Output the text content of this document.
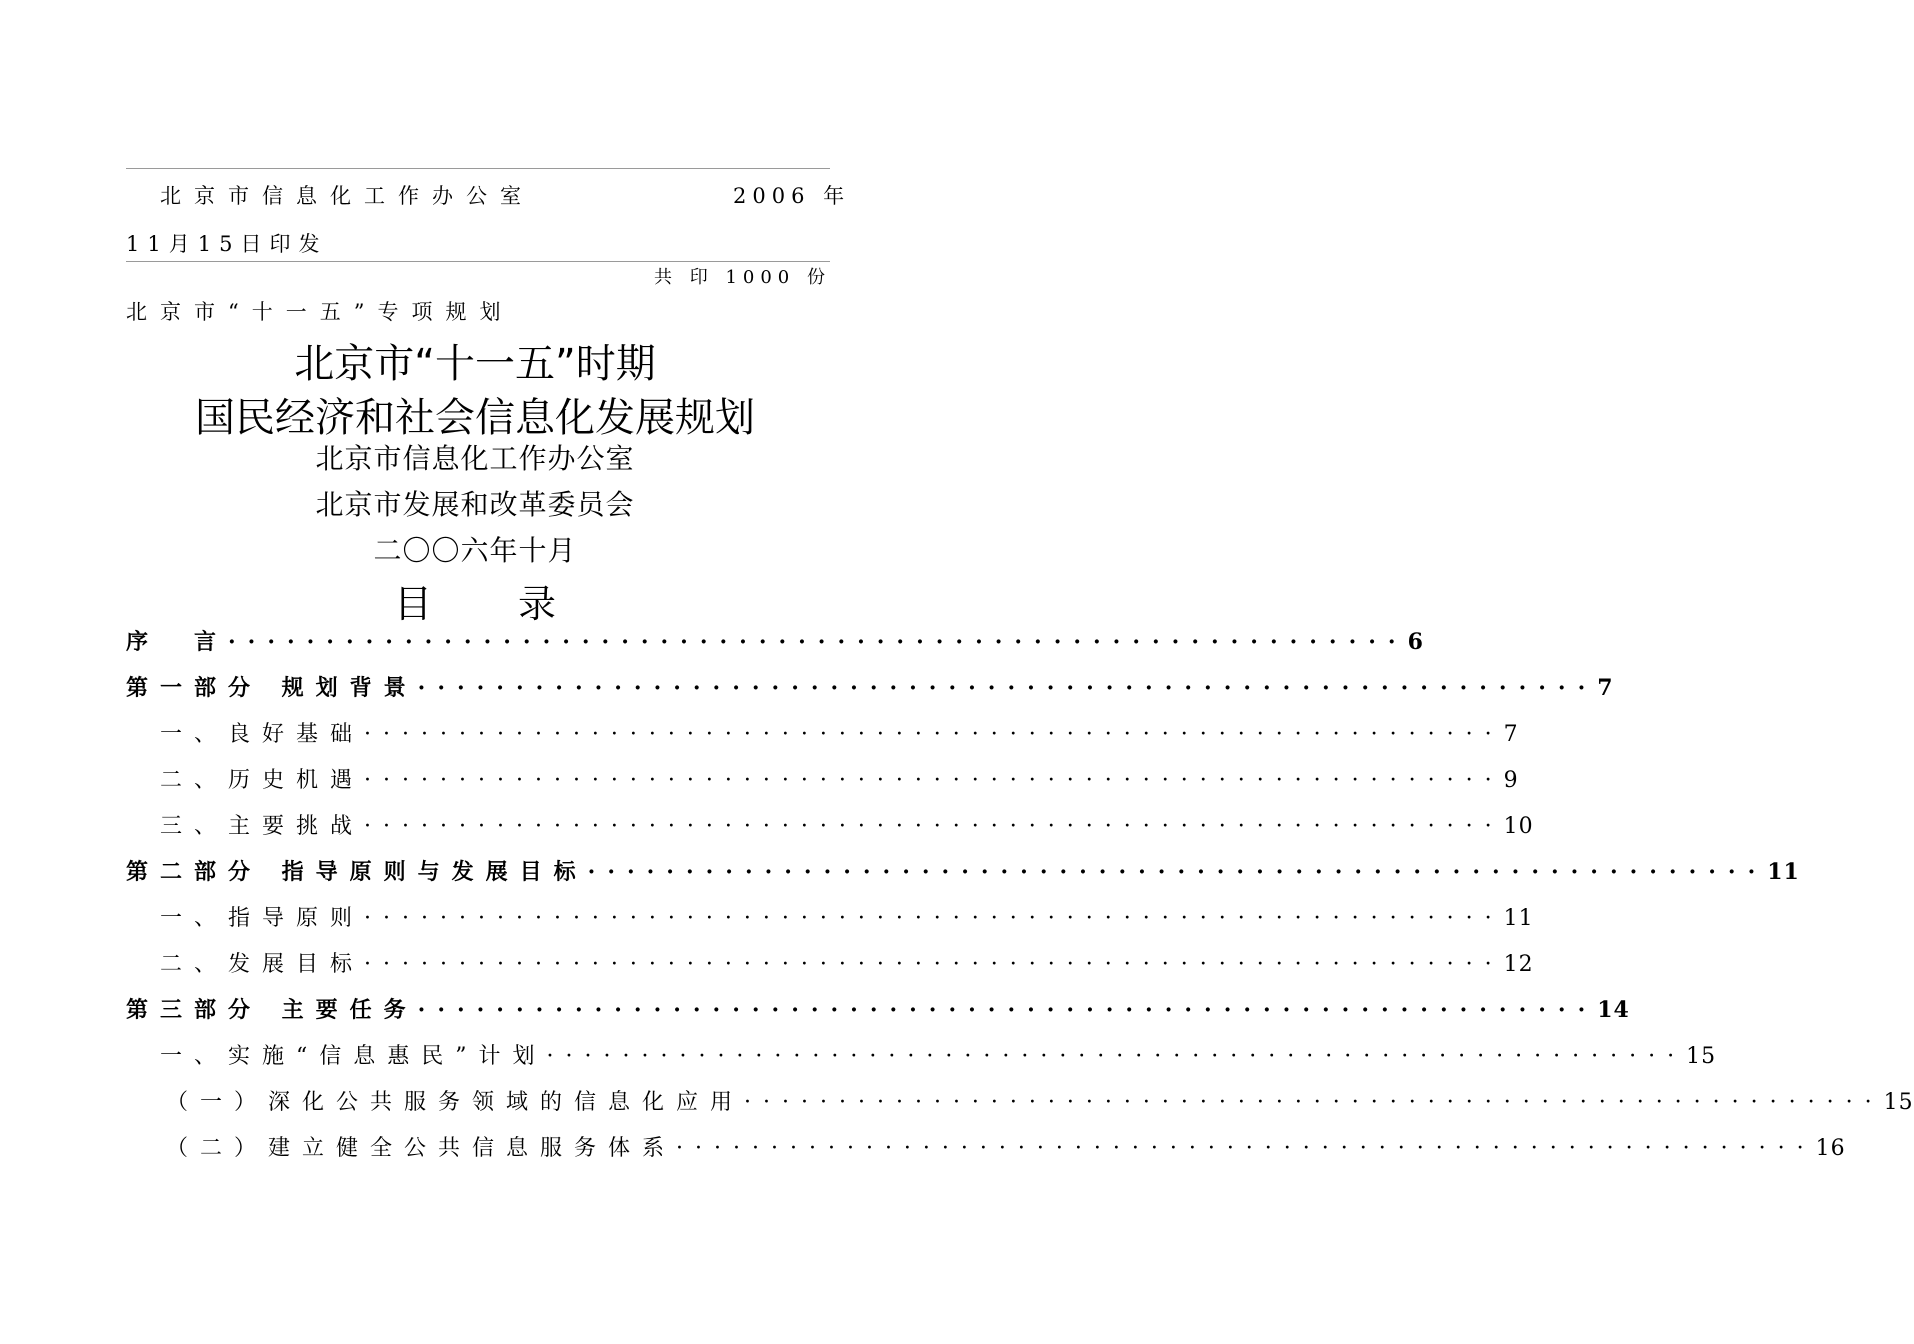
北京市信息化工作办公室	2006 年
11月15日印发
共 印 1000 份
北京市“十一五”专项规划
北京市“十一五”时期
国民经济和社会信息化发展规划
北京市信息化工作办公室
北京市发展和改革委员会
二〇〇六年十月
目 录
序　言 ···························································· 6
第一部分 规划背景 ···························································· 7
一、良好基础 ···························································· 7
二、历史机遇 ···························································· 9
三、主要挑战 ···························································· 10
第二部分 指导原则与发展目标 ···························································· 11
一、指导原则 ···························································· 11
二、发展目标 ···························································· 12
第三部分 主要任务 ···························································· 14
一、实施“信息惠民”计划 ···························································· 15
（一）深化公共服务领域的信息化应用 ···························································· 15
（二）建立健全公共信息服务体系 ···························································· 16
